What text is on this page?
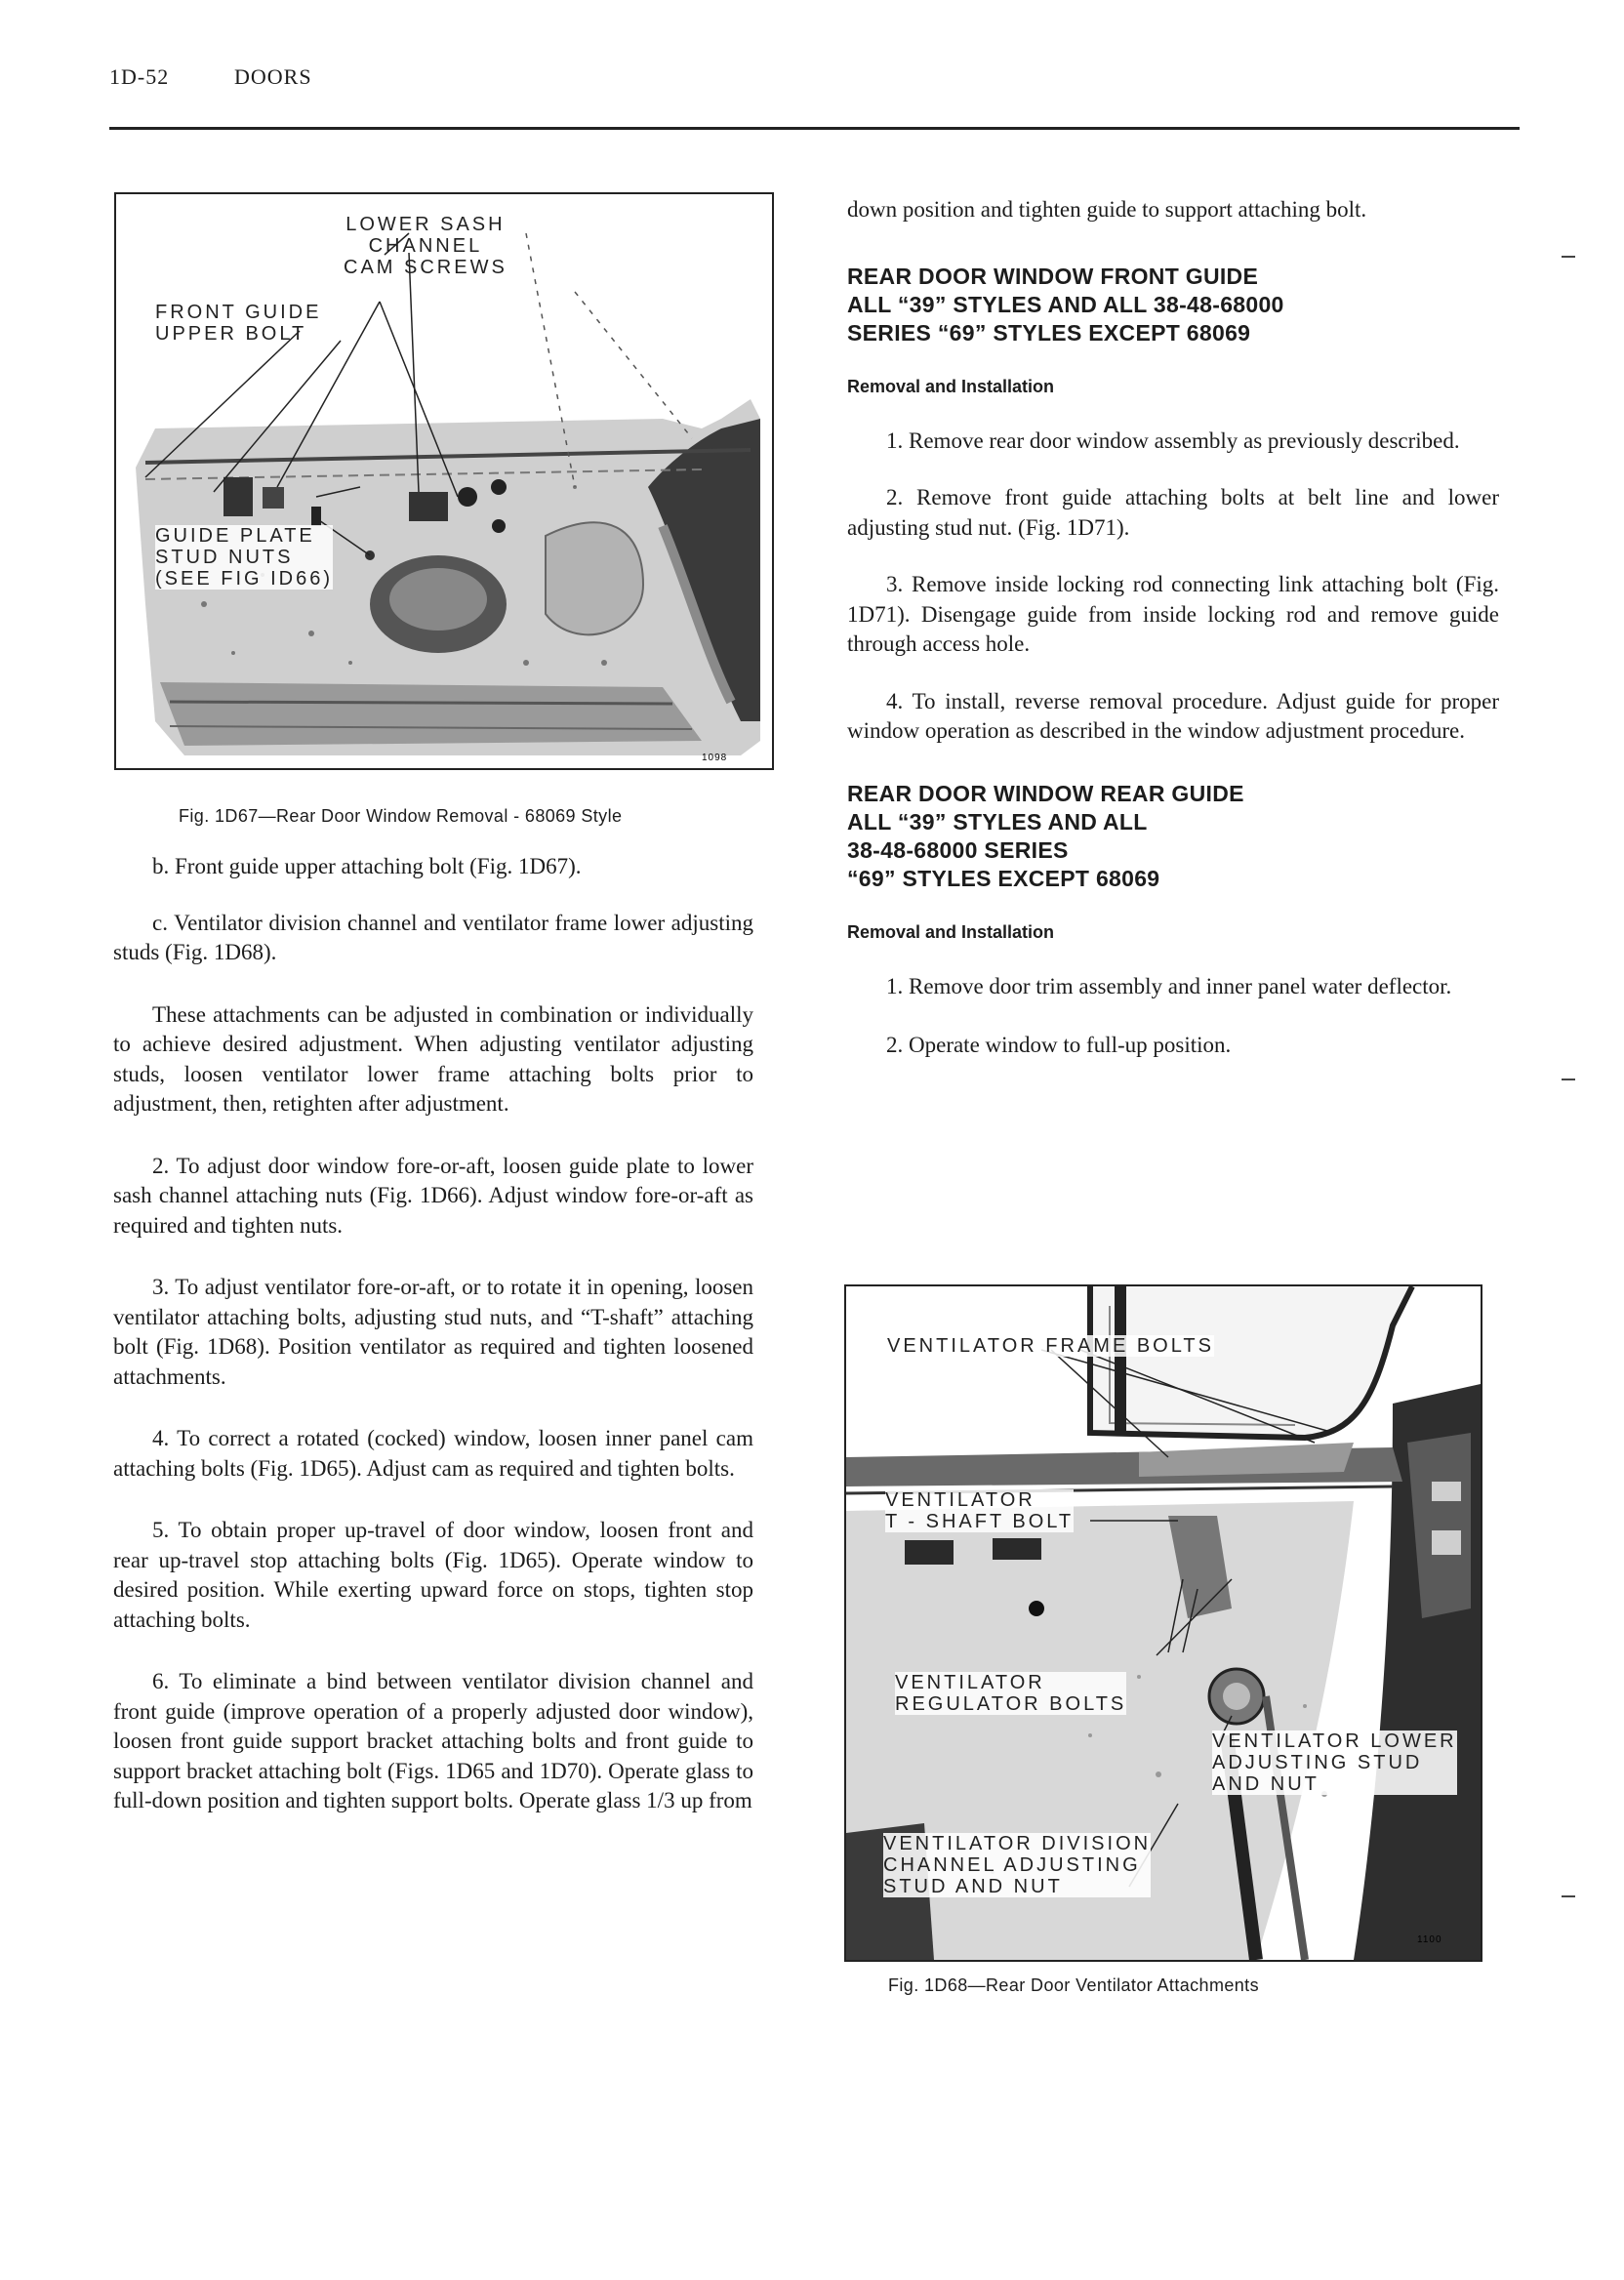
1D-52	DOORS
1098
LOWER SASH
CHANNEL
CAM SCREWS
FRONT GUIDE
UPPER BOLT
GUIDE PLATE
STUD NUTS
(SEE FIG ID66)

Fig. 1D67—Rear Door Window Removal - 68069 Style

b. Front guide upper attaching bolt (Fig. 1D67).

c. Ventilator division channel and ventilator frame lower adjusting studs (Fig. 1D68).

These attachments can be adjusted in combination or individually to achieve desired adjustment. When adjusting ventilator adjusting studs, loosen ventilator lower frame attaching bolts prior to adjustment, then, retighten after adjustment.

2. To adjust door window fore-or-aft, loosen guide plate to lower sash channel attaching nuts (Fig. 1D66). Adjust window fore-or-aft as required and tighten nuts.

3. To adjust ventilator fore-or-aft, or to rotate it in opening, loosen ventilator attaching bolts, adjusting stud nuts, and “T-shaft” attaching bolt (Fig. 1D68). Position ventilator as required and tighten loosened attachments.

4. To correct a rotated (cocked) window, loosen inner panel cam attaching bolts (Fig. 1D65). Adjust cam as required and tighten bolts.

5. To obtain proper up-travel of door window, loosen front and rear up-travel stop attaching bolts (Fig. 1D65). Operate window to desired position. While exerting upward force on stops, tighten stop attaching bolts.

6. To eliminate a bind between ventilator division channel and front guide (improve operation of a properly adjusted door window), loosen front guide support bracket attaching bolts and front guide to support bracket attaching bolt (Figs. 1D65 and 1D70). Operate glass to full-down position and tighten support bolts. Operate glass 1/3 up from

down position and tighten guide to support attaching bolt.

REAR DOOR WINDOW FRONT GUIDE

ALL “39” STYLES AND ALL 38-48-68000

SERIES “69” STYLES EXCEPT 68069

Removal and Installation

1. Remove rear door window assembly as previously described.

2. Remove front guide attaching bolts at belt line and lower adjusting stud nut. (Fig. 1D71).

3. Remove inside locking rod connecting link attaching bolt (Fig. 1D71). Disengage guide from inside locking rod and remove guide through access hole.

4. To install, reverse removal procedure. Adjust guide for proper window operation as described in the window adjustment procedure.

REAR DOOR WINDOW REAR GUIDE

ALL “39” STYLES AND ALL

38-48-68000 SERIES

“69” STYLES EXCEPT 68069

Removal and Installation

1. Remove door trim assembly and inner panel water deflector.

2. Operate window to full-up position.

1100
VENTILATOR FRAME BOLTS
VENTILATOR
T - SHAFT BOLT
VENTILATOR
REGULATOR BOLTS
VENTILATOR LOWER
ADJUSTING STUD
AND NUT
VENTILATOR DIVISION
CHANNEL ADJUSTING
STUD AND NUT

Fig. 1D68—Rear Door Ventilator Attachments
